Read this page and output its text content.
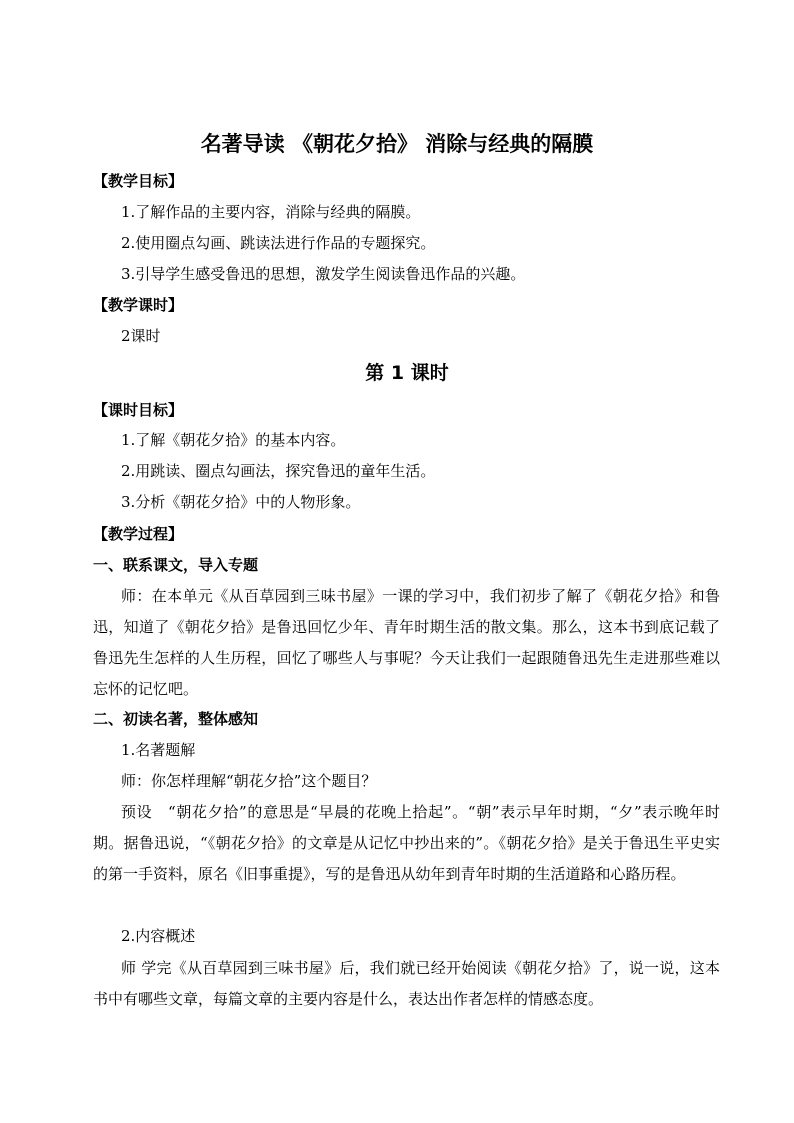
名著导读 《朝花夕拾》 消除与经典的隔膜
【教学目标】
1.了解作品的主要内容，消除与经典的隔膜。
2.使用圈点勾画、跳读法进行作品的专题探究。
3.引导学生感受鲁迅的思想，激发学生阅读鲁迅作品的兴趣。
【教学课时】
2课时
第 1 课时
【课时目标】
1.了解《朝花夕拾》的基本内容。
2.用跳读、圈点勾画法，探究鲁迅的童年生活。
3.分析《朝花夕拾》中的人物形象。
【教学过程】
一、联系课文，导入专题
师：在本单元《从百草园到三味书屋》一课的学习中，我们初步了解了《朝花夕拾》和鲁迅，知道了《朝花夕拾》是鲁迅回忆少年、青年时期生活的散文集。那么，这本书到底记载了鲁迅先生怎样的人生历程，回忆了哪些人与事呢？今天让我们一起跟随鲁迅先生走进那些难以忘怀的记忆吧。
二、初读名著，整体感知
1.名著题解
师：你怎样理解“朝花夕拾”这个题目？
预设　“朝花夕拾”的意思是“早晨的花晚上拾起”。“朝”表示早年时期，“夕”表示晚年时期。据鲁迅说，“《朝花夕拾》的文章是从记忆中抄出来的”。《朝花夕拾》是关于鲁迅生平史实的第一手资料，原名《旧事重提》，写的是鲁迅从幼年到青年时期的生活道路和心路历程。
2.内容概述
师 学完《从百草园到三味书屋》后，我们就已经开始阅读《朝花夕拾》了，说一说，这本书中有哪些文章，每篇文章的主要内容是什么，表达出作者怎样的情感态度。
